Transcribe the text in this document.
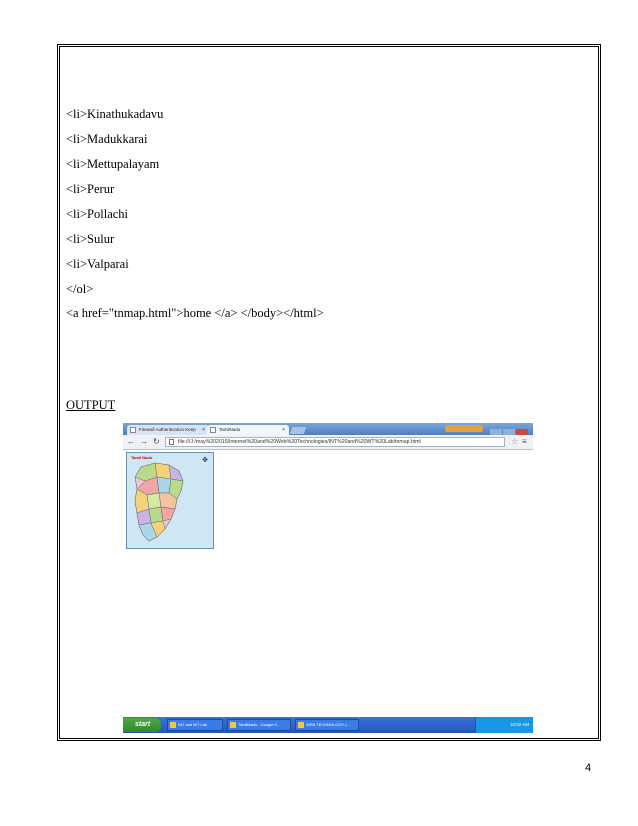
<li>Kinathukadavu
<li>Madukkarai
<li>Mettupalayam
<li>Perur
<li>Pollachi
<li>Sulur
<li>Valparai
</ol>
<a href="tnmap.html">home </a> </body></html>
OUTPUT
Firewall Authentication Keep ×	TamilNadu	×
← → ↻	file:///J:/may%202015/Internet%20and%20Web%20Technologies/INT%20and%20WT%20Lab/tnmap.html	☆ ≡
Tamil Nadu	✥
start	INT and WT Lab	TamilNadu - Google C...	WEB TECHNOLOGY L...	10:02 AM
4
